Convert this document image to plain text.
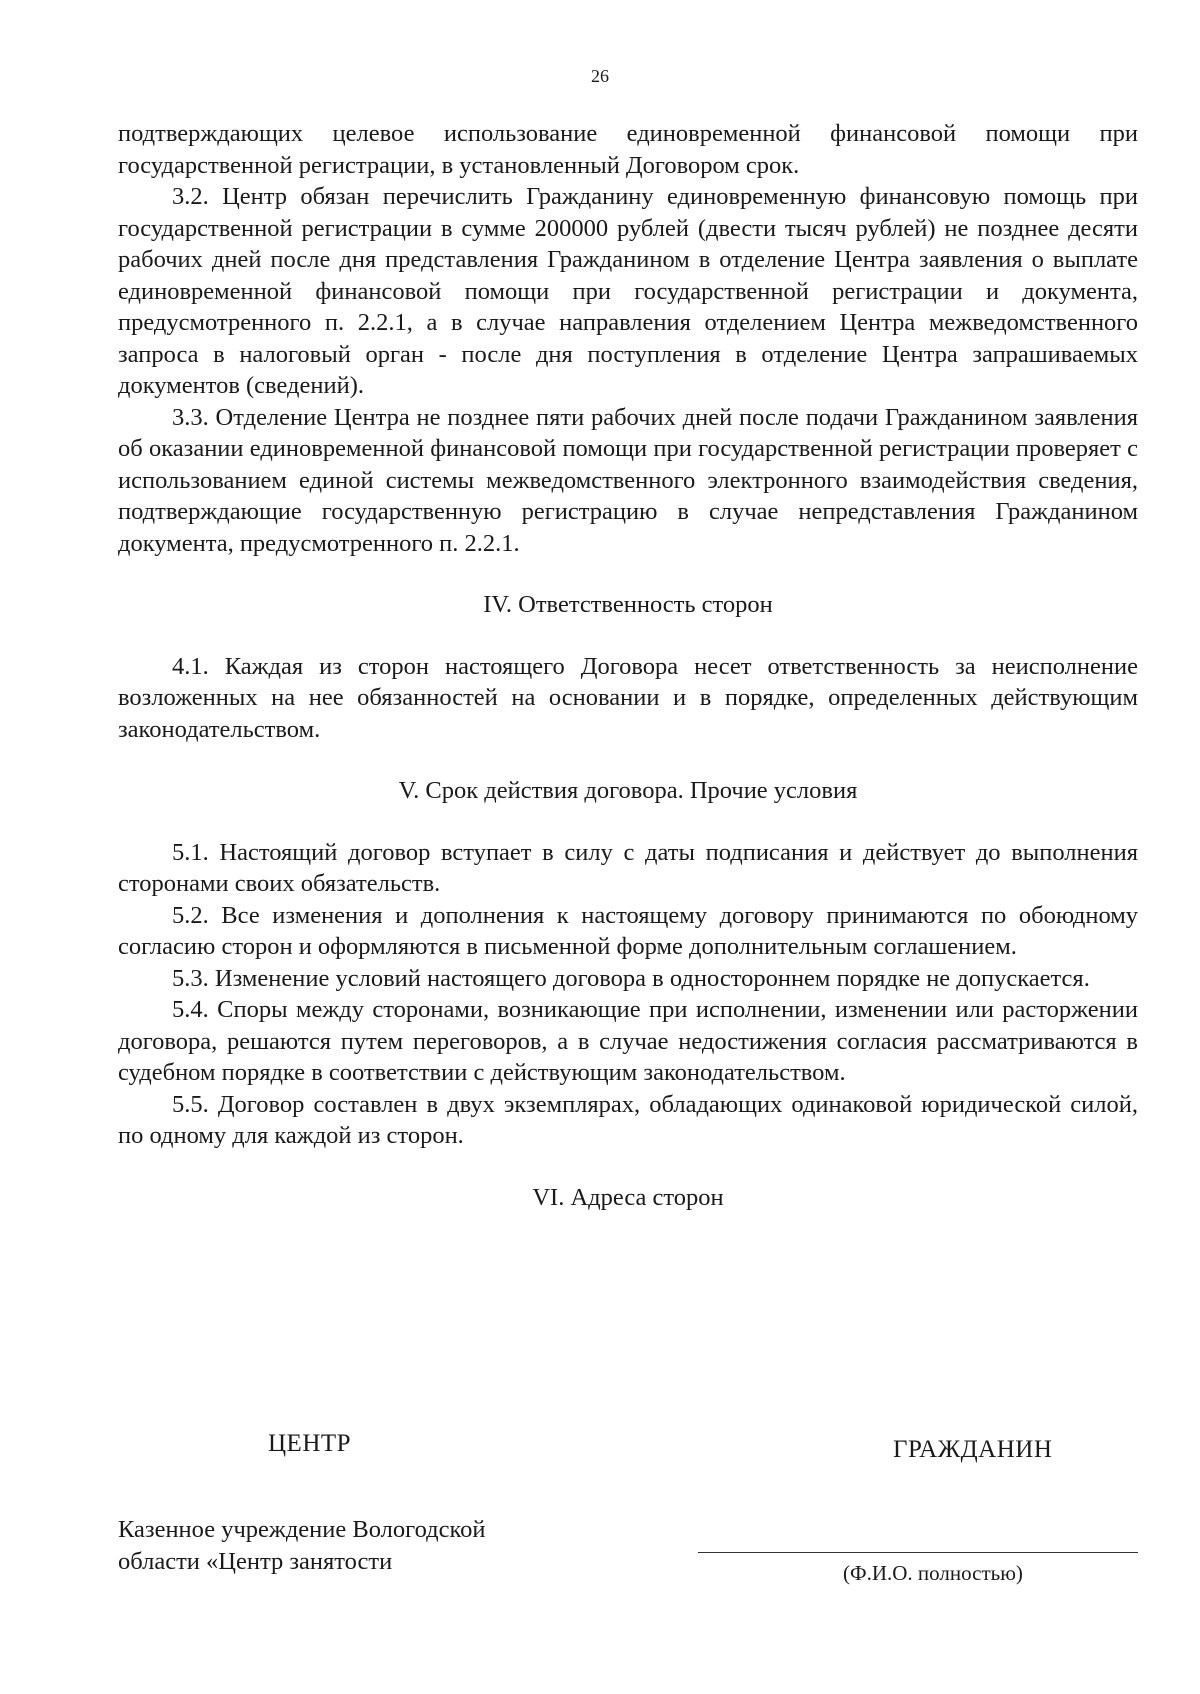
26

подтверждающих целевое использование единовременной финансовой помощи при государственной регистрации, в установленный Договором срок.

3.2. Центр обязан перечислить Гражданину единовременную финансовую помощь при государственной регистрации в сумме 200000 рублей (двести тысяч рублей) не позднее десяти рабочих дней после дня представления Гражданином в отделение Центра заявления о выплате единовременной финансовой помощи при государственной регистрации и документа, предусмотренного п. 2.2.1, а в случае направления отделением Центра межведомственного запроса в налоговый орган - после дня поступления в отделение Центра запрашиваемых документов (сведений).

3.3. Отделение Центра не позднее пяти рабочих дней после подачи Гражданином заявления об оказании единовременной финансовой помощи при государственной регистрации проверяет с использованием единой системы межведомственного электронного взаимодействия сведения, подтверждающие государственную регистрацию в случае непредставления Гражданином документа, предусмотренного п. 2.2.1.

IV. Ответственность сторон

4.1. Каждая из сторон настоящего Договора несет ответственность за неисполнение возложенных на нее обязанностей на основании и в порядке, определенных действующим законодательством.

V. Срок действия договора. Прочие условия

5.1. Настоящий договор вступает в силу с даты подписания и действует до выполнения сторонами своих обязательств.

5.2. Все изменения и дополнения к настоящему договору принимаются по обоюдному согласию сторон и оформляются в письменной форме дополнительным соглашением.

5.3. Изменение условий настоящего договора в одностороннем порядке не допускается.

5.4. Споры между сторонами, возникающие при исполнении, изменении или расторжении договора, решаются путем переговоров, а в случае недостижения согласия рассматриваются в судебном порядке в соответствии с действующим законодательством.

5.5. Договор составлен в двух экземплярах, обладающих одинаковой юридической силой, по одному для каждой из сторон.

VI. Адреса сторон

ЦЕНТР
Казенное учреждение Вологодской
области «Центр занятости
ГРАЖДАНИН
(Ф.И.О. полностью)
